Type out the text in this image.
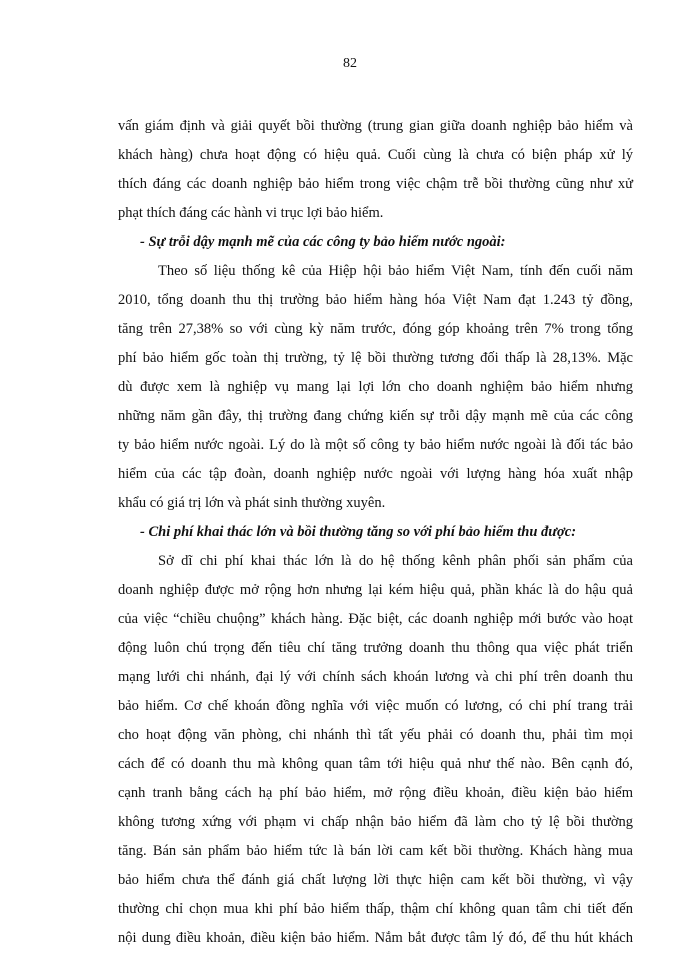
82
vấn giám định và giải quyết bồi thường (trung gian giữa doanh nghiệp bảo hiểm và
khách hàng) chưa hoạt động có hiệu quả. Cuối cùng là chưa có biện pháp xử lý
thích đáng các doanh nghiệp bảo hiểm trong việc chậm trễ bồi thường cũng như xử
phạt thích đáng các hành vi trục lợi bảo hiểm.
- Sự trỗi dậy mạnh mẽ của các công ty bảo hiểm nước ngoài:
Theo số liệu thống kê của Hiệp hội bảo hiểm Việt Nam, tính đến cuối năm
2010, tổng doanh thu thị trường bảo hiểm hàng hóa Việt Nam đạt 1.243 tỷ đồng,
tăng trên 27,38% so với cùng kỳ năm trước, đóng góp khoảng trên 7% trong tổng
phí bảo hiểm gốc toàn thị trường, tỷ lệ bồi thường tương đối thấp là 28,13%. Mặc
dù được xem là nghiệp vụ mang lại lợi lớn cho doanh nghiệm bảo hiểm nhưng
những năm gần đây, thị trường đang chứng kiến sự trỗi dậy mạnh mẽ của các công
ty bảo hiểm nước ngoài. Lý do là một số công ty bảo hiểm nước ngoài là đối tác bảo
hiểm của các tập đoàn, doanh nghiệp nước ngoài với lượng hàng hóa xuất nhập
khẩu có giá trị lớn và phát sinh thường xuyên.
- Chi phí khai thác lớn và bồi thường tăng so với phí bảo hiểm thu được:
Sở dĩ chi phí khai thác lớn là do hệ thống kênh phân phối sản phẩm của
doanh nghiệp được mở rộng hơn nhưng lại kém hiệu quả, phần khác là do hậu quả
của việc “chiều chuộng” khách hàng. Đặc biệt, các doanh nghiệp mới bước vào hoạt
động luôn chú trọng đến tiêu chí tăng trưởng doanh thu thông qua việc phát triển
mạng lưới chi nhánh, đại lý với chính sách khoán lương và chi phí trên doanh thu
bảo hiểm. Cơ chế khoán đồng nghĩa với việc muốn có lương, có chi phí trang trải
cho hoạt động văn phòng, chi nhánh thì tất yếu phải có doanh thu, phải tìm mọi
cách để có doanh thu mà không quan tâm tới hiệu quả như thế nào. Bên cạnh đó,
cạnh tranh bằng cách hạ phí bảo hiểm, mở rộng điều khoản, điều kiện bảo hiểm
không tương xứng với phạm vi chấp nhận bảo hiểm đã làm cho tỷ lệ bồi thường
tăng. Bán sản phẩm bảo hiểm tức là bán lời cam kết bồi thường. Khách hàng mua
bảo hiểm chưa thể đánh giá chất lượng lời thực hiện cam kết bồi thường, vì vậy
thường chỉ chọn mua khi phí bảo hiểm thấp, thậm chí không quan tâm chi tiết đến
nội dung điều khoản, điều kiện bảo hiểm. Nắm bắt được tâm lý đó, để thu hút khách
